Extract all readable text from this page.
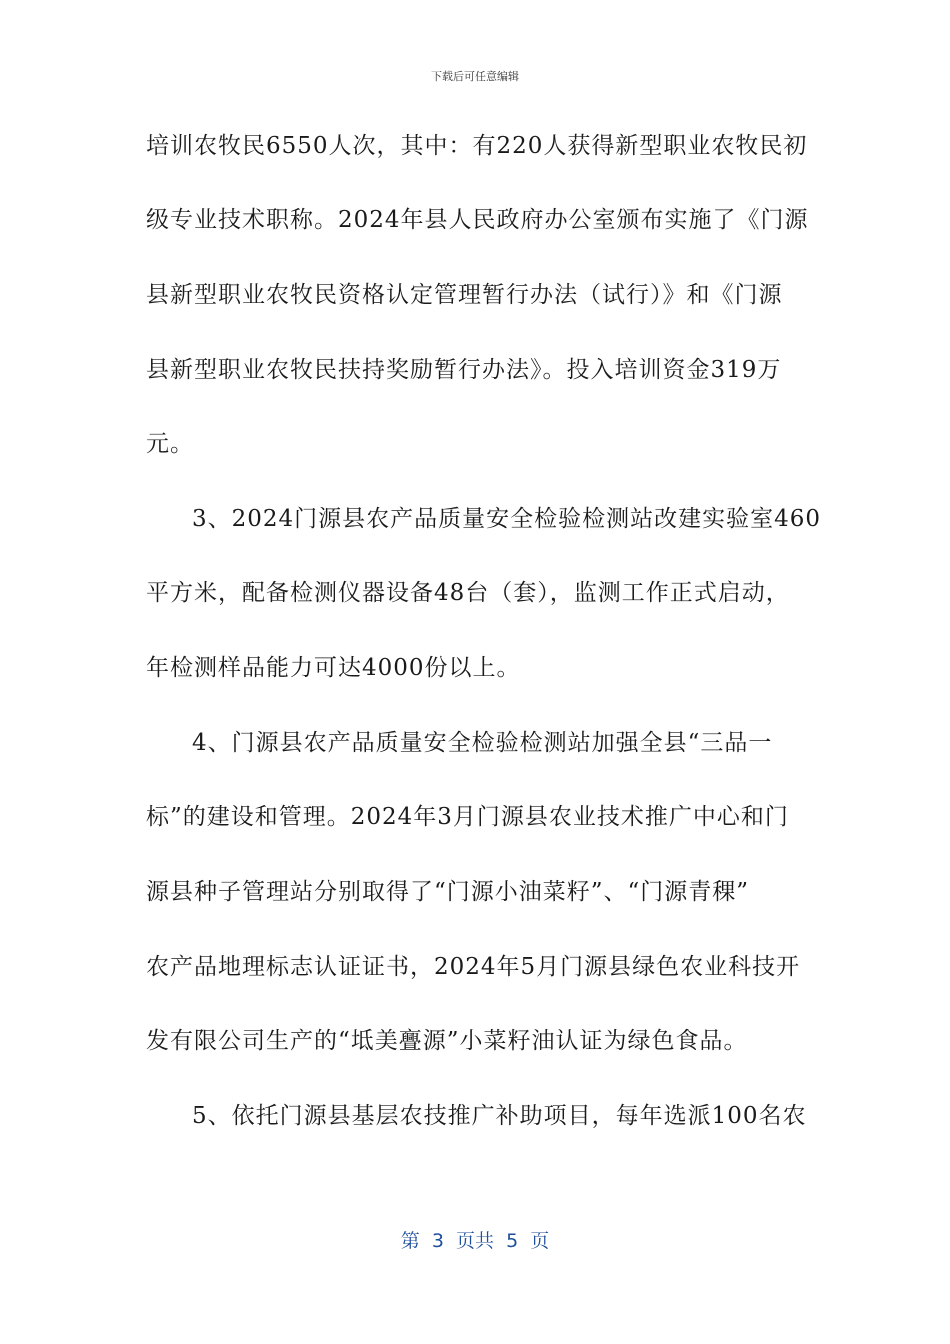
下载后可任意编辑
培训农牧民6550人次，其中：有220人获得新型职业农牧民初
级专业技术职称。2024年县人民政府办公室颁布实施了《门源
县新型职业农牧民资格认定管理暂行办法（试行）》和《门源
县新型职业农牧民扶持奖励暂行办法》。投入培训资金319万
元。
3、2024门源县农产品质量安全检验检测站改建实验室460
平方米，配备检测仪器设备48台（套），监测工作正式启动，
年检测样品能力可达4000份以上。
4、门源县农产品质量安全检验检测站加强全县“三品一
标”的建设和管理。2024年3月门源县农业技术推广中心和门
源县种子管理站分别取得了“门源小油菜籽”、“门源青稞”
农产品地理标志认证证书，2024年5月门源县绿色农业科技开
发有限公司生产的“坻美亹源”小菜籽油认证为绿色食品。
5、依托门源县基层农技推广补助项目，每年选派100名农
第  3  页共  5  页
